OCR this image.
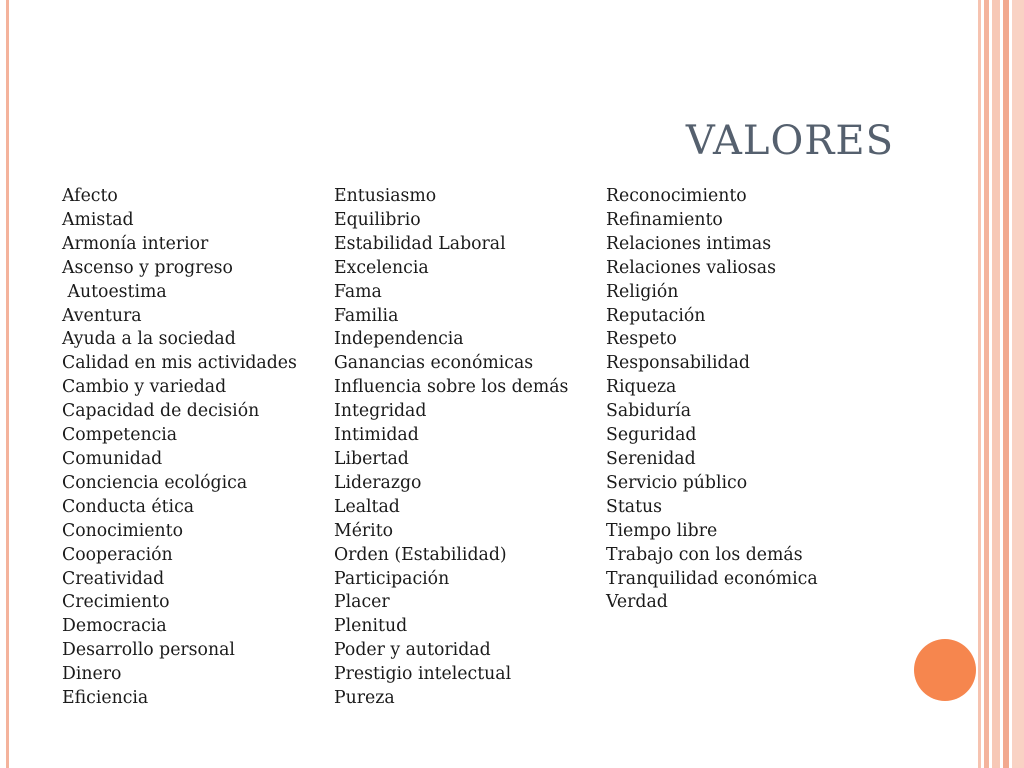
VALORES
Afecto
Amistad
Armonía interior
Ascenso y progreso
Autoestima
Aventura
Ayuda a la sociedad
Calidad en mis actividades
Cambio y variedad
Capacidad de decisión
Competencia
Comunidad
Conciencia ecológica
Conducta ética
Conocimiento
Cooperación
Creatividad
Crecimiento
Democracia
Desarrollo personal
Dinero
Eficiencia
Entusiasmo
Equilibrio
Estabilidad Laboral
Excelencia
Fama
Familia
Independencia
Ganancias económicas
Influencia sobre los demás
Integridad
Intimidad
Libertad
Liderazgo
Lealtad
Mérito
Orden (Estabilidad)
Participación
Placer
Plenitud
Poder y autoridad
Prestigio intelectual
Pureza
Reconocimiento
Refinamiento
Relaciones intimas
Relaciones valiosas
Religión
Reputación
Respeto
Responsabilidad
Riqueza
Sabiduría
Seguridad
Serenidad
Servicio público
Status
Tiempo libre
Trabajo con los demás
Tranquilidad económica
Verdad
